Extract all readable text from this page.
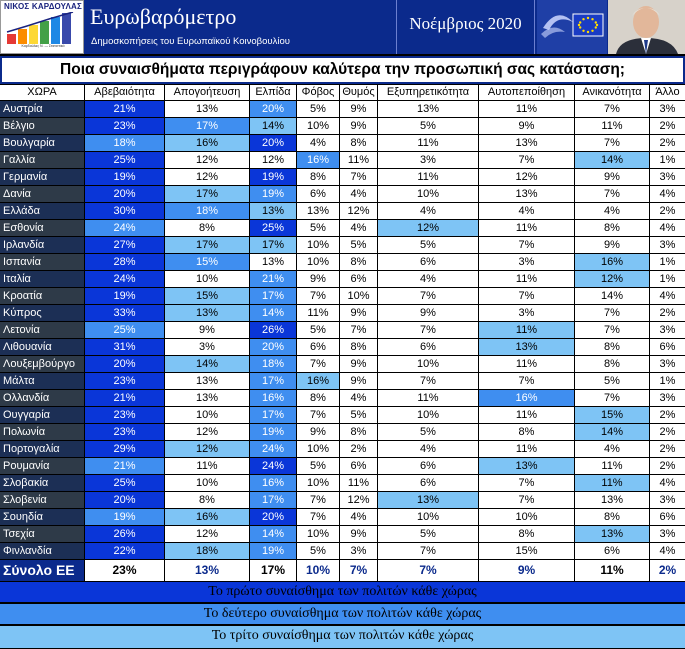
ΝΙΚΟΣ ΚΑΡΔΟΥΛΑΣ
Καρδούλας Ν. — Στατιστικά
Ευρωβαρόμετρο
Δημοσκοπήσεις του Ευρωπαϊκού Κοινοβουλίου
Νοέμβριος 2020
Ποια συναισθήματα περιγράφουν καλύτερα την προσωπική σας κατάσταση;
ΧΩΡΑ	Αβεβαιότητα	Απογοήτευση	Ελπίδα	Φόβος Θυμός	Εξυπηρετικότητα	Αυτοπεποίθηση	Ανικανότητα	Άλλο
Αυστρία	21%	13%	20%	5%	9%	13%	11%	7%	3%
Βέλγιο	23%	17%	14%	10%	9%	5%	9%	11%	2%
Βουλγαρία	18%	16%	20%	4%	8%	11%	13%	7%	2%
Γαλλία	25%	12%	12%	16%	11%	3%	7%	14%	1%
Γερμανία	19%	12%	19%	8%	7%	11%	12%	9%	3%
Δανία	20%	17%	19%	6%	4%	10%	13%	7%	4%
Ελλάδα	30%	18%	13%	13%	12%	4%	4%	4%	2%
Εσθονία	24%	8%	25%	5%	4%	12%	11%	8%	4%
Ιρλανδία	27%	17%	17%	10%	5%	5%	7%	9%	3%
Ισπανία	28%	15%	13%	10%	8%	6%	3%	16%	1%
Ιταλία	24%	10%	21%	9%	6%	4%	11%	12%	1%
Κροατία	19%	15%	17%	7%	10%	7%	7%	14%	4%
Κύπρος	33%	13%	14%	11%	9%	9%	3%	7%	2%
Λετονία	25%	9%	26%	5%	7%	7%	11%	7%	3%
Λιθουανία	31%	3%	20%	6%	8%	6%	13%	8%	6%
Λουξεμβούργο	20%	14%	18%	7%	9%	10%	11%	8%	3%
Μάλτα	23%	13%	17%	16%	9%	7%	7%	5%	1%
Ολλανδία	21%	13%	16%	8%	4%	11%	16%	7%	3%
Ουγγαρία	23%	10%	17%	7%	5%	10%	11%	15%	2%
Πολωνία	23%	12%	19%	9%	8%	5%	8%	14%	2%
Πορτογαλία	29%	12%	24%	10%	2%	4%	11%	4%	2%
Ρουμανία	21%	11%	24%	5%	6%	6%	13%	11%	2%
Σλοβακία	25%	10%	16%	10%	11%	6%	7%	11%	4%
Σλοβενία	20%	8%	17%	7%	12%	13%	7%	13%	3%
Σουηδία	19%	16%	20%	7%	4%	10%	10%	8%	6%
Τσεχία	26%	12%	14%	10%	9%	5%	8%	13%	3%
Φινλανδία	22%	18%	19%	5%	3%	7%	15%	6%	4%
Σύνολο ΕΕ	23%	13%	17%	10%	7%	7%	9%	11%	2%
Το πρώτο συναίσθημα των πολιτών κάθε χώρας
Το δεύτερο συναίσθημα των πολιτών κάθε χώρας
Το τρίτο συναίσθημα των πολιτών κάθε χώρας
